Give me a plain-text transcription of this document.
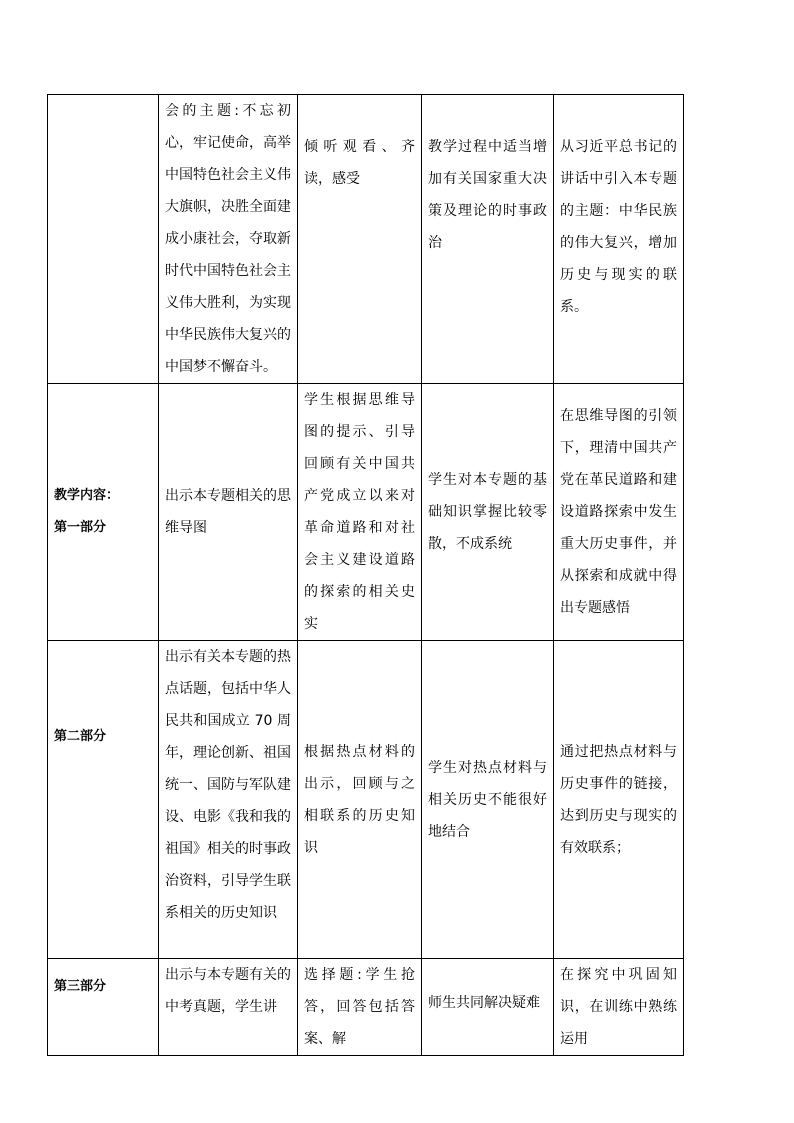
	会的主题:不忘初心，牢记使命，高举中国特色社会主义伟大旗帜，决胜全面建成小康社会，夺取新时代中国特色社会主义伟大胜利，为实现中华民族伟大复兴的中国梦不懈奋斗。	倾听观看、齐读，感受	教学过程中适当增加有关国家重大决策及理论的时事政治	从习近平总书记的讲话中引入本专题的主题：中华民族的伟大复兴，增加历史与现实的联系。

教学内容：
第一部分	出示本专题相关的思维导图	学生根据思维导图的提示、引导回顾有关中国共产党成立以来对革命道路和对社会主义建设道路的探索的相关史实	学生对本专题的基础知识掌握比较零散，不成系统	在思维导图的引领下，理清中国共产党在革民道路和建设道路探索中发生重大历史事件，并从探索和成就中得出专题感悟

第二部分	出示有关本专题的热点话题，包括中华人民共和国成立 70 周年，理论创新、祖国统一、国防与军队建设、电影《我和我的祖国》相关的时事政治资料，引导学生联系相关的历史知识	根据热点材料的出示，回顾与之相联系的历史知识	学生对热点材料与相关历史不能很好地结合	通过把热点材料与历史事件的链接，达到历史与现实的有效联系；

第三部分	出示与本专题有关的中考真题，学生讲	选择题:学生抢答，回答包括答案、解	师生共同解决疑难	在探究中巩固知识，在训练中熟练运用
